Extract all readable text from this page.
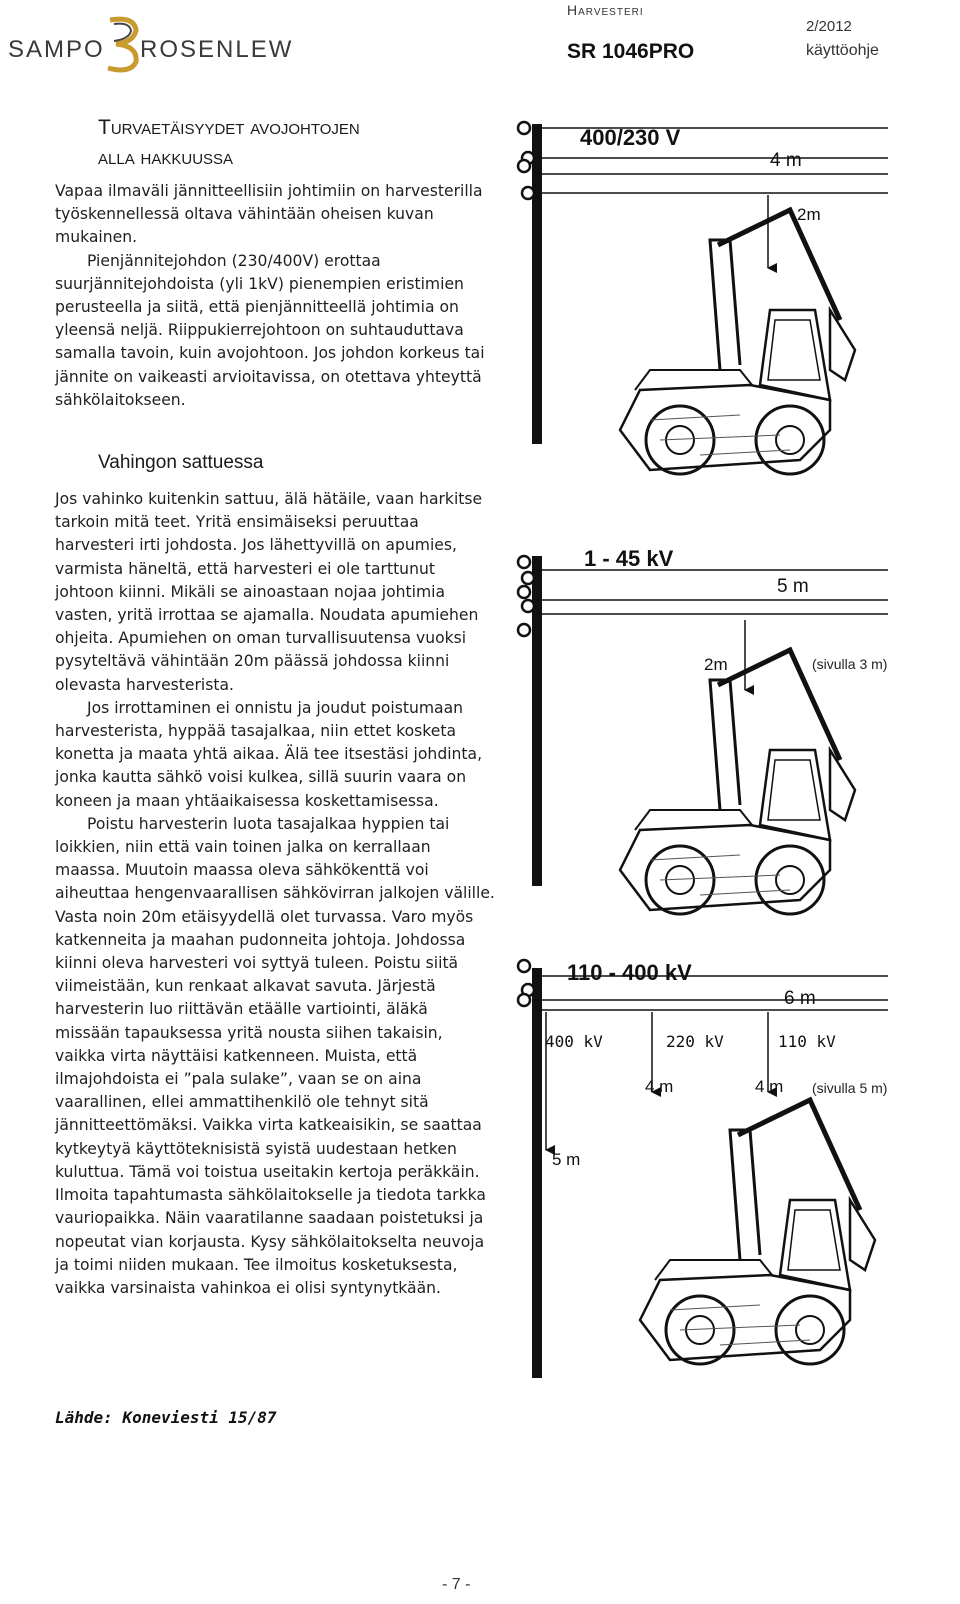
SAMPO ROSENLEW
Harvesteri
SR 1046PRO
2/2012
käyttöohje
Turvaetäisyydet avojohtojen
alla hakkuussa

Vapaa ilmaväli jännitteellisiin johtimiin on harvesterilla työskennellessä oltava vähintään oheisen kuvan mukainen.

Pienjännitejohdon (230/400V) erottaa suurjännitejohdoista (yli 1kV) pienempien eristimien perusteella ja siitä, että pienjännitteellä johtimia on yleensä neljä. Riippukierrejohtoon on suhtauduttava samalla tavoin, kuin avojohtoon. Jos johdon korkeus tai jännite on vaikeasti arvioitavissa, on otettava yhteyttä sähkölaitokseen.

Vahingon sattuessa

Jos vahinko kuitenkin sattuu, älä hätäile, vaan harkitse tarkoin mitä teet. Yritä ensimäiseksi peruuttaa harvesteri irti johdosta. Jos lähettyvillä on apumies, varmista häneltä, että harvesteri ei ole tarttunut johtoon kiinni. Mikäli se ainoastaan nojaa johtimia vasten, yritä irrottaa se ajamalla. Noudata apumiehen ohjeita. Apumiehen on oman turvallisuutensa vuoksi pysyteltävä vähintään 20m päässä johdossa kiinni olevasta harvesterista.

Jos irrottaminen ei onnistu ja joudut poistumaan harvesterista, hyppää tasajalkaa, niin ettet kosketa konetta ja maata yhtä aikaa. Älä tee itsestäsi johdinta, jonka kautta sähkö voisi kulkea, sillä suurin vaara on koneen ja maan yhtäaikaisessa koskettamisessa.

Poistu harvesterin luota tasajalkaa hyppien tai loikkien, niin että vain toinen jalka on kerrallaan maassa. Muutoin maassa oleva sähkökenttä voi aiheuttaa hengenvaarallisen sähkövirran jalkojen välille. Vasta noin 20m etäisyydellä olet turvassa. Varo myös katkenneita ja maahan pudonneita johtoja. Johdossa kiinni oleva harvesteri voi syttyä tuleen. Poistu siitä viimeistään, kun renkaat alkavat savuta. Järjestä harvesterin luo riittävän etäälle vartiointi, äläkä missään tapauksessa yritä nousta siihen takaisin, vaikka virta näyttäisi katkenneen. Muista, että ilmajohdoista ei ”pala sulake”, vaan se on aina vaarallinen, ellei ammattihenkilö ole tehnyt sitä jännitteettömäksi. Vaikka virta katkeaisikin, se saattaa kytkeytyä käyttöteknisistä syistä uudestaan hetken kuluttua. Tämä voi toistua useitakin kertoja peräkkäin. Ilmoita tapahtumasta sähkölaitokselle ja tiedota tarkka vauriopaikka. Näin vaaratilanne saadaan poistetuksi ja nopeutat vian korjausta. Kysy sähkölaitokselta neuvoja ja toimi niiden mukaan. Tee ilmoitus kosketuksesta, vaikka varsinaista vahinkoa ei olisi syntynytkään.

Lähde: Koneviesti 15/87
- 7 -
400/230 V
4 m
2m
1 - 45 kV
5 m
2m	(sivulla 3 m)
110 - 400 kV
6 m
400 kV	220 kV	110 kV
4 m	4 m (sivulla 5 m)
5 m
